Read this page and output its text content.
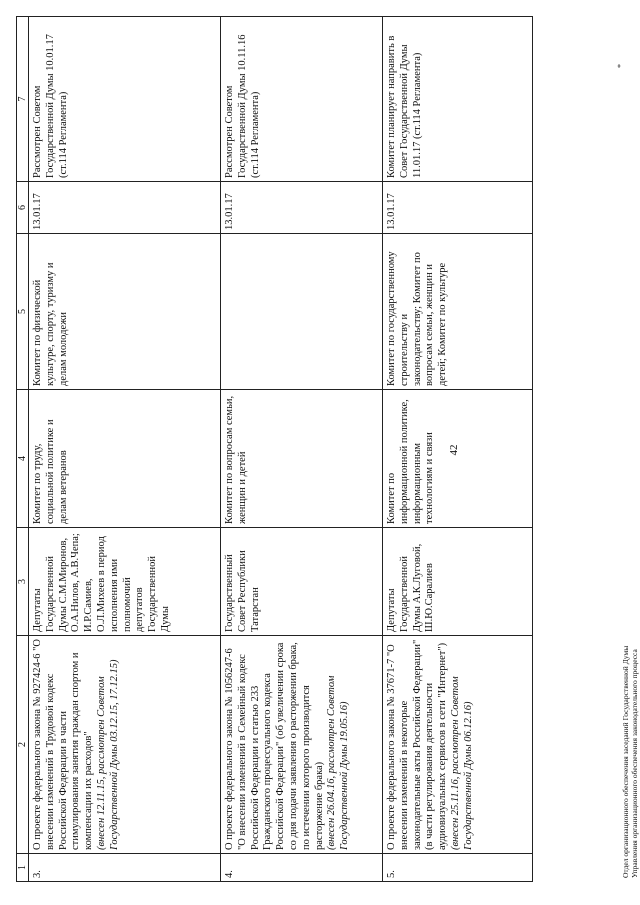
1	2	3	4	5	6	7
3.	О проекте федерального закона № 927424-6 "О внесении изменений в Трудовой кодекс Российской Федерации в части стимулирования занятия граждан спортом и компенсации их расходов" (внесен 12.11.15, рассмотрен Советом Государственной Думы 03.12.15, 17.12.15)	Депутаты Государственной Думы С.М.Миронов, О.А.Нилов, А.В.Чепа; И.Р.Самиев, О.Л.Михеев в период исполнения ими полномочий депутатов Государственной Думы	Комитет по труду, социальной политике и делам ветеранов	Комитет по физической культуре, спорту, туризму и делам молодежи	13.01.17	Рассмотрен Советом Государственной Думы 10.01.17 (ст.114 Регламента)
4.	О проекте федерального закона № 1056247-6 "О внесении изменений в Семейный кодекс Российской Федерации и статью 233 Гражданского процессуального кодекса Российской Федерации" (об увеличении срока со дня подачи заявления о расторжении брака, по истечении которого производится расторжение брака) (внесен 26.04.16, рассмотрен Советом Государственной Думы 19.05.16)	Государственный Совет Республики Татарстан	Комитет по вопросам семьи, женщин и детей		13.01.17	Рассмотрен Советом Государственной Думы 10.11.16 (ст.114 Регламента)
5.	О проекте федерального закона № 37671-7 "О внесении изменений в некоторые законодательные акты Российской Федерации" (в части регулирования деятельности аудиовизуальных сервисов в сети "Интернет") (внесен 25.11.16, рассмотрен Советом Государственной Думы 06.12.16)	Депутаты Государственной Думы А.К.Луговой, Ш.Ю.Саралиев	Комитет по информационной политике, информационным технологиям и связи	Комитет по государственному строительству и законодательству; Комитет по вопросам семьи, женщин и детей; Комитет по культуре	13.01.17	Комитет планирует направить в Совет Государственной Думы 11.01.17 (ст.114 Регламента)
42
Отдел организационного обеспечения заседаний Государственной Думы Управления организационного обеспечения законодательного процесса
*
